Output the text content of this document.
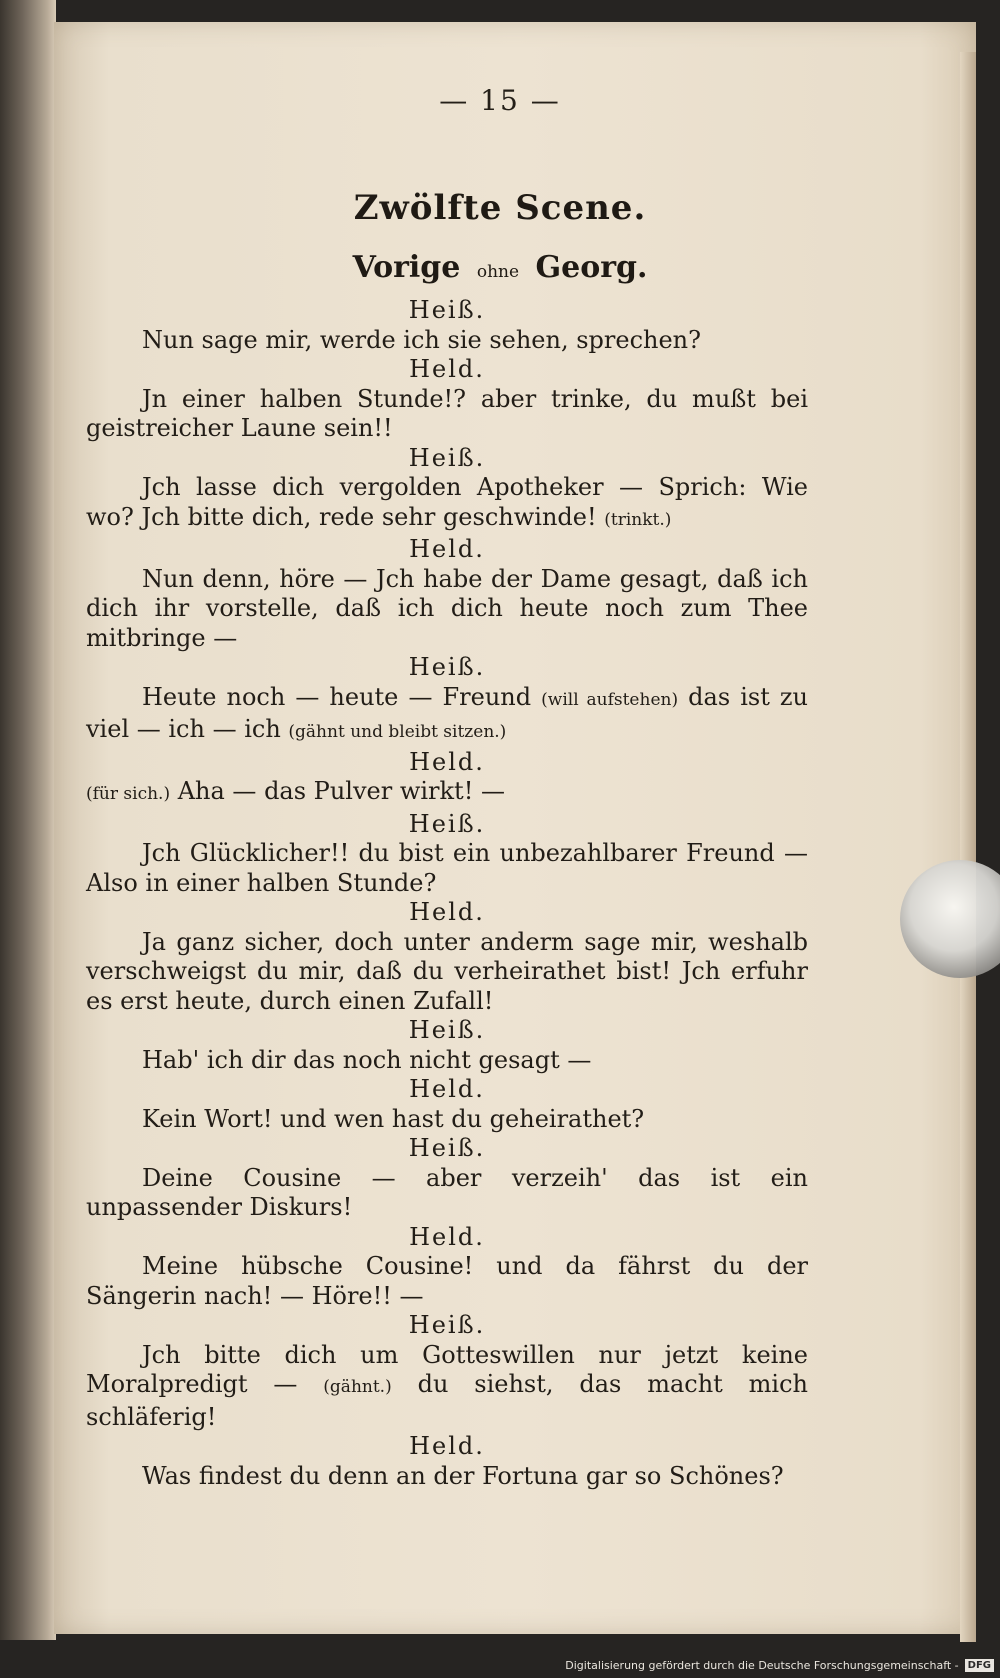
— 15 —
Zwölfte Scene.
Vorige ohne Georg.
Heiß.
Nun sage mir, werde ich sie sehen, sprechen?
Held.
Jn einer halben Stunde!? aber trinke, du mußt bei geistreicher Laune sein!!
Heiß.
Jch lasse dich vergolden Apotheker — Sprich: Wie wo? Jch bitte dich, rede sehr geschwinde! (trinkt.)
Held.
Nun denn, höre — Jch habe der Dame gesagt, daß ich dich ihr vorstelle, daß ich dich heute noch zum Thee mitbringe —
Heiß.
Heute noch — heute — Freund (will aufstehen) das ist zu viel — ich — ich (gähnt und bleibt sitzen.)
Held.
(für sich.) Aha — das Pulver wirkt! —
Heiß.
Jch Glücklicher!! du bist ein unbezahlbarer Freund — Also in einer halben Stunde?
Held.
Ja ganz sicher, doch unter anderm sage mir, weshalb verschweigst du mir, daß du verheirathet bist! Jch erfuhr es erst heute, durch einen Zufall!
Heiß.
Hab' ich dir das noch nicht gesagt —
Held.
Kein Wort! und wen hast du geheirathet?
Heiß.
Deine Cousine — aber verzeih' das ist ein unpassender Diskurs!
Held.
Meine hübsche Cousine! und da fährst du der Sängerin nach! — Höre!! —
Heiß.
Jch bitte dich um Gotteswillen nur jetzt keine Moralpredigt — (gähnt.) du siehst, das macht mich schläferig!
Held.
Was findest du denn an der Fortuna gar so Schönes?
Digitalisierung gefördert durch die Deutsche Forschungsgemeinschaft - DFG
